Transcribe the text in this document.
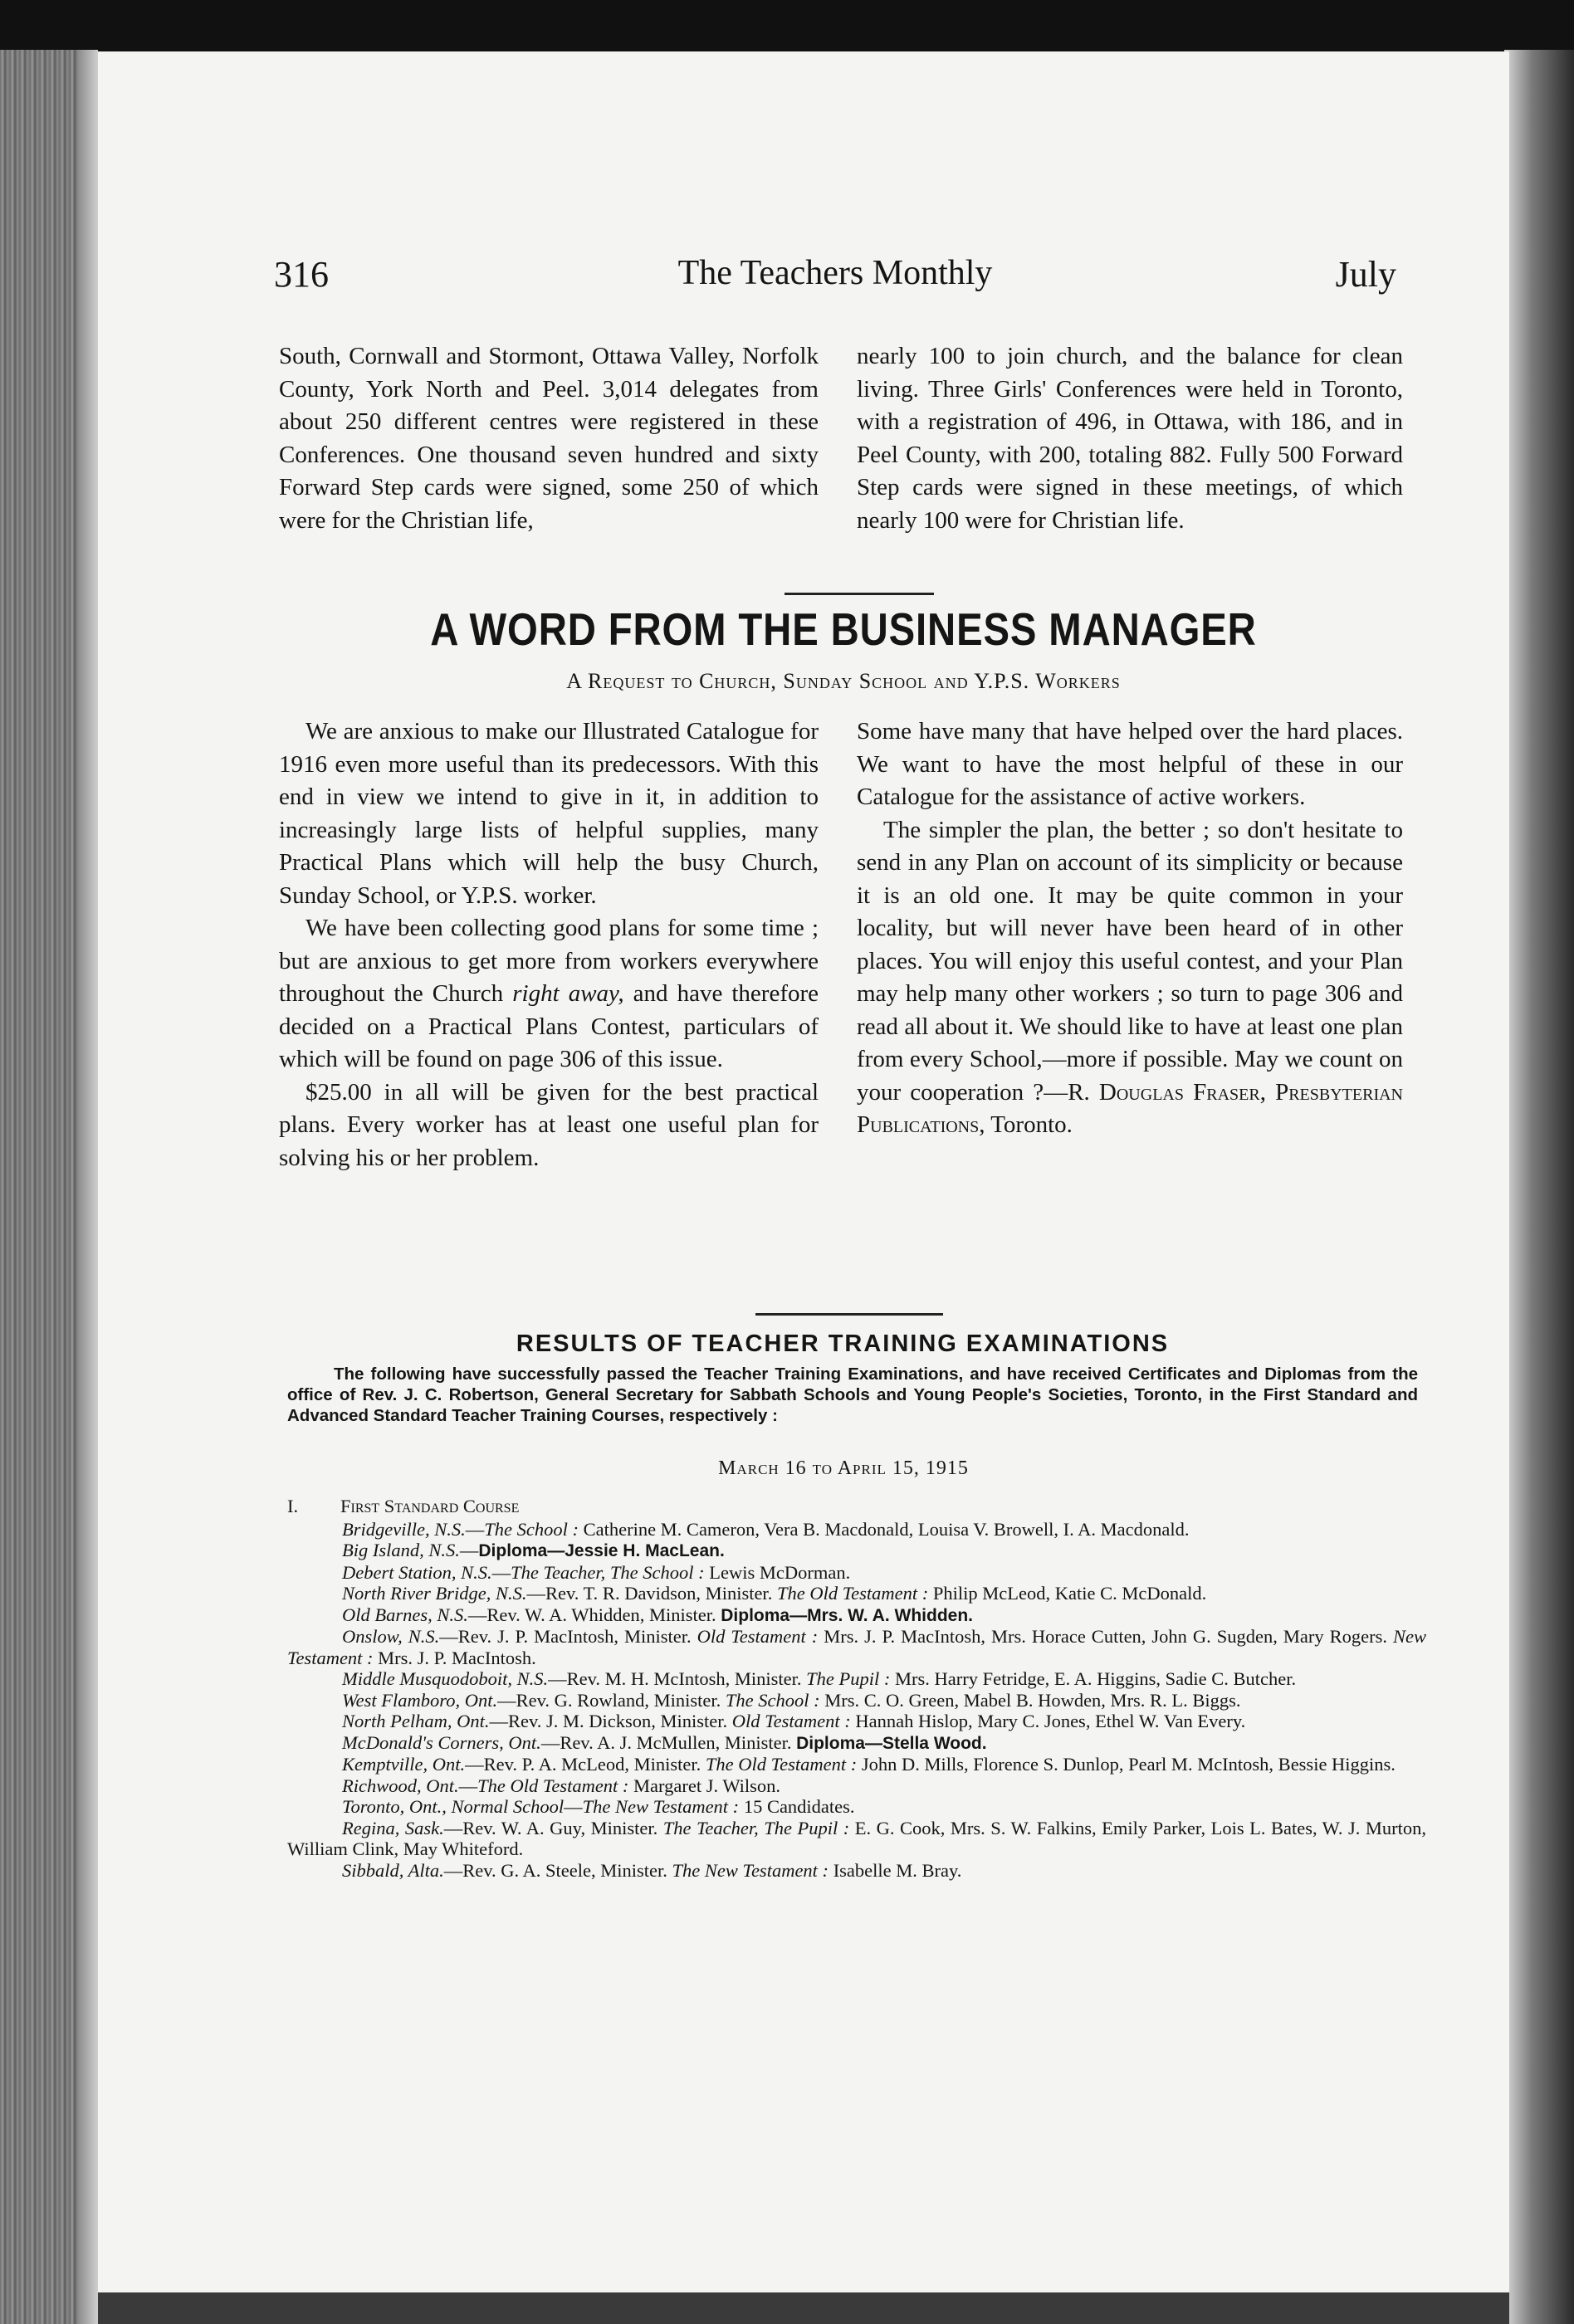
316	The Teachers Monthly	July

South, Cornwall and Stormont, Ottawa Valley, Norfolk County, York North and Peel. 3,014 delegates from about 250 different centres were registered in these Conferences. One thousand seven hundred and sixty Forward Step cards were signed, some 250 of which were for the Christian life,

nearly 100 to join church, and the balance for clean living. Three Girls' Conferences were held in Toronto, with a registration of 496, in Ottawa, with 186, and in Peel County, with 200, totaling 882. Fully 500 Forward Step cards were signed in these meetings, of which nearly 100 were for Christian life.

A WORD FROM THE BUSINESS MANAGER
A Request to Church, Sunday School and Y.P.S. Workers

We are anxious to make our Illustrated Catalogue for 1916 even more useful than its predecessors. With this end in view we intend to give in it, in addition to increasingly large lists of helpful supplies, many Practical Plans which will help the busy Church, Sunday School, or Y.P.S. worker.

We have been collecting good plans for some time ; but are anxious to get more from workers everywhere throughout the Church right away, and have therefore decided on a Practical Plans Contest, particulars of which will be found on page 306 of this issue.

$25.00 in all will be given for the best practical plans. Every worker has at least one useful plan for solving his or her problem.

Some have many that have helped over the hard places. We want to have the most helpful of these in our Catalogue for the assistance of active workers.

The simpler the plan, the better ; so don't hesitate to send in any Plan on account of its simplicity or because it is an old one. It may be quite common in your locality, but will never have been heard of in other places. You will enjoy this useful contest, and your Plan may help many other workers ; so turn to page 306 and read all about it. We should like to have at least one plan from every School,—more if possible. May we count on your cooperation ?—R. Douglas Fraser, Presbyterian Publications, Toronto.

RESULTS OF TEACHER TRAINING EXAMINATIONS
The following have successfully passed the Teacher Training Examinations, and have received Certificates and Diplomas from the office of Rev. J. C. Robertson, General Secretary for Sabbath Schools and Young People's Societies, Toronto, in the First Standard and Advanced Standard Teacher Training Courses, respectively :
March 16 to April 15, 1915
I. First Standard Course

Bridgeville, N.S.—The School : Catherine M. Cameron, Vera B. Macdonald, Louisa V. Browell, I. A. Macdonald.

Big Island, N.S.—Diploma—Jessie H. MacLean.

Debert Station, N.S.—The Teacher, The School : Lewis McDorman.

North River Bridge, N.S.—Rev. T. R. Davidson, Minister. The Old Testament : Philip McLeod, Katie C. McDonald.

Old Barnes, N.S.—Rev. W. A. Whidden, Minister. Diploma—Mrs. W. A. Whidden.

Onslow, N.S.—Rev. J. P. MacIntosh, Minister. Old Testament : Mrs. J. P. MacIntosh, Mrs. Horace Cutten, John G. Sugden, Mary Rogers. New Testament : Mrs. J. P. MacIntosh.

Middle Musquodoboit, N.S.—Rev. M. H. McIntosh, Minister. The Pupil : Mrs. Harry Fetridge, E. A. Higgins, Sadie C. Butcher.

West Flamboro, Ont.—Rev. G. Rowland, Minister. The School : Mrs. C. O. Green, Mabel B. Howden, Mrs. R. L. Biggs.

North Pelham, Ont.—Rev. J. M. Dickson, Minister. Old Testament : Hannah Hislop, Mary C. Jones, Ethel W. Van Every.

McDonald's Corners, Ont.—Rev. A. J. McMullen, Minister. Diploma—Stella Wood.

Kemptville, Ont.—Rev. P. A. McLeod, Minister. The Old Testament : John D. Mills, Florence S. Dunlop, Pearl M. McIntosh, Bessie Higgins.

Richwood, Ont.—The Old Testament : Margaret J. Wilson.

Toronto, Ont., Normal School—The New Testament : 15 Candidates.

Regina, Sask.—Rev. W. A. Guy, Minister. The Teacher, The Pupil : E. G. Cook, Mrs. S. W. Falkins, Emily Parker, Lois L. Bates, W. J. Murton, William Clink, May Whiteford.

Sibbald, Alta.—Rev. G. A. Steele, Minister. The New Testament : Isabelle M. Bray.
